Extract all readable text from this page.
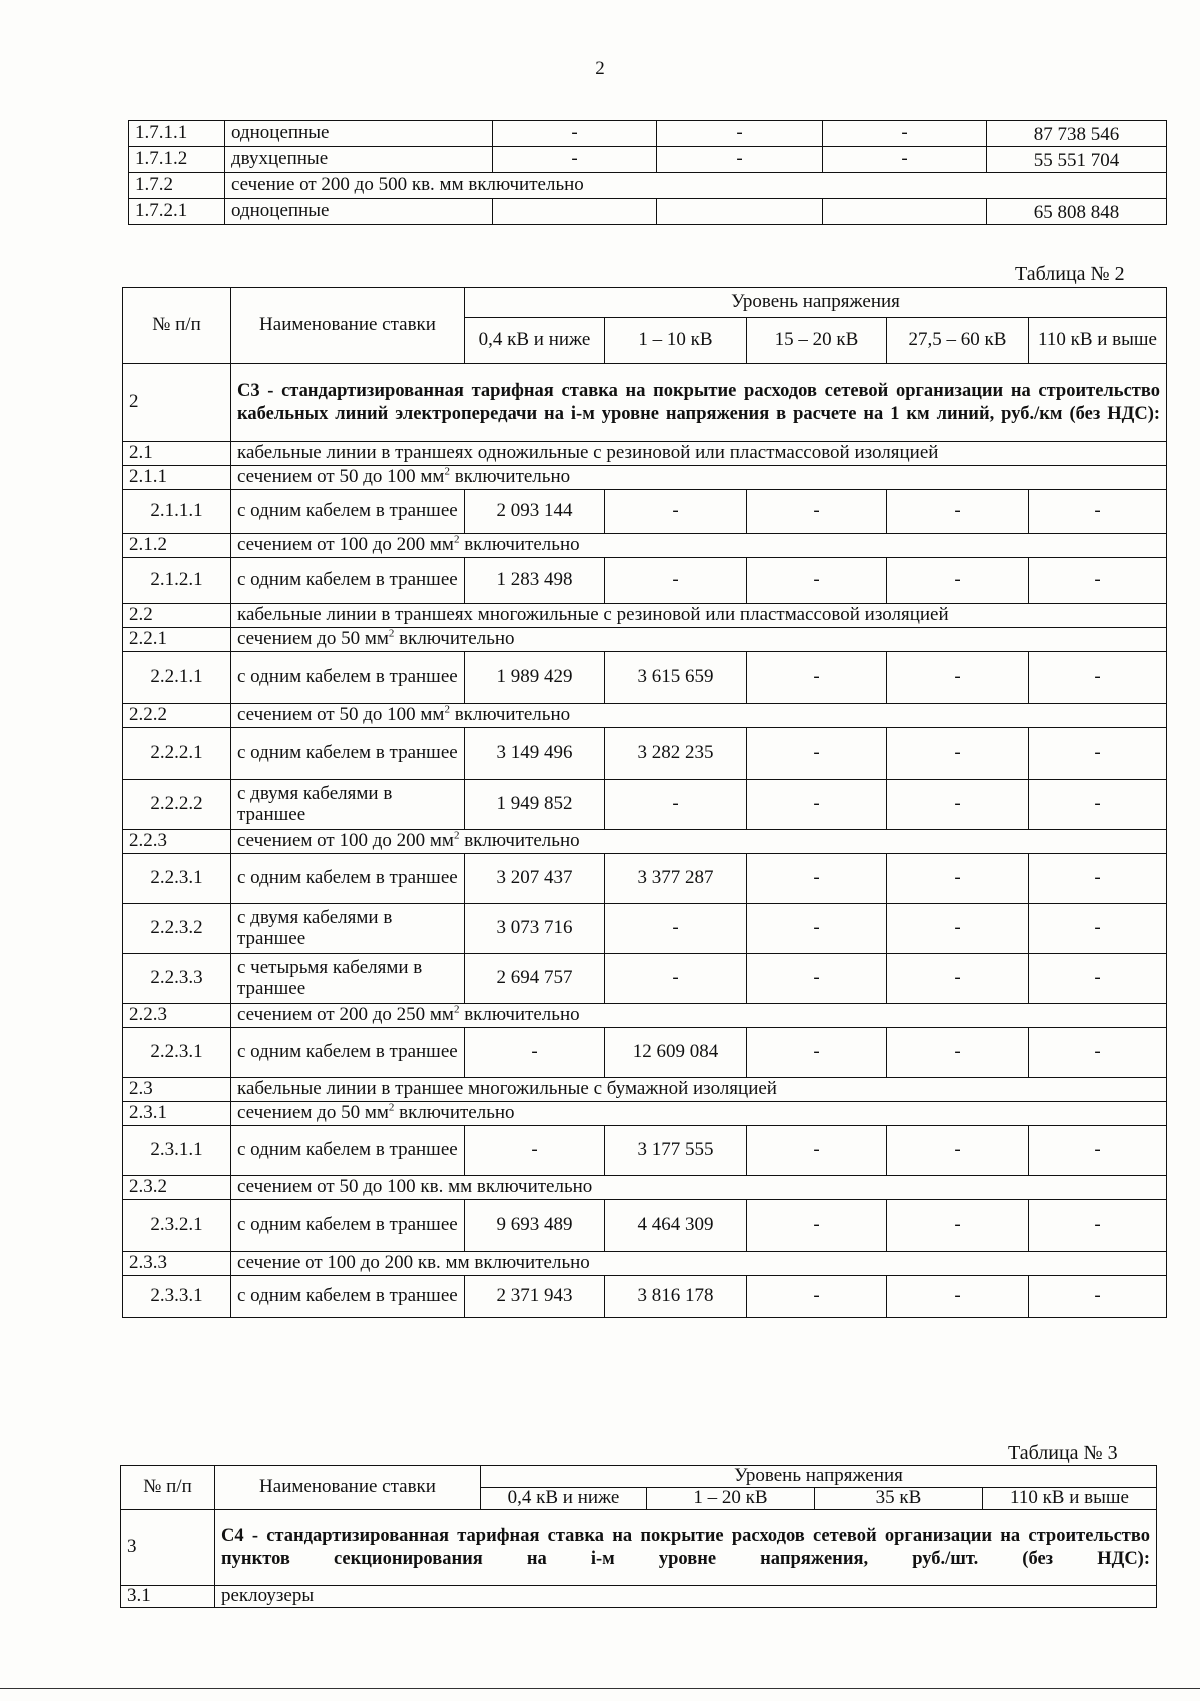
2
1.7.1.1	одноцепные	-	-	-	87 738 546
1.7.1.2	двухцепные	-	-	-	55 551 704
1.7.2	сечение от 200 до 500 кв. мм включительно				
1.7.2.1	одноцепные				65 808 848
Таблица № 2
№ п/п	Наименование ставки	Уровень напряжения				
		0,4 кВ и ниже	1 – 10 кВ	15 – 20 кВ	27,5 – 60 кВ	110 кВ и выше
2	С3 - стандартизированная тарифная ставка на покрытие расходов сетевой организации на строительство кабельных линий электропередачи на i-м уровне напряжения в расчете на 1 км линий, руб./км (без НДС):					
2.1	кабельные линии в траншеях одножильные с резиновой или пластмассовой изоляцией					
2.1.1	сечением от 50 до 100 $мм^2$ включительно					
2.1.1.1	с одним кабелем в траншее	2 093 144	-	-	-	-
2.1.2	сечением от 100 до 200 $мм^2$ включительно					
2.1.2.1	с одним кабелем в траншее	1 283 498	-	-	-	-
2.2	кабельные линии в траншеях многожильные с резиновой или пластмассовой изоляцией					
2.2.1	сечением до 50 $мм^2$ включительно					
2.2.1.1	с одним кабелем в траншее	1 989 429	3 615 659	-	-	-
2.2.2	сечением от 50 до 100 $мм^2$ включительно					
2.2.2.1	с одним кабелем в траншее	3 149 496	3 282 235	-	-	-
2.2.2.2	с двумя кабелями в траншее	1 949 852	-	-	-	-
2.2.3	сечением от 100 до 200 $мм^2$ включительно					
2.2.3.1	с одним кабелем в траншее	3 207 437	3 377 287	-	-	-
2.2.3.2	с двумя кабелями в траншее	3 073 716	-	-	-	-
2.2.3.3	с четырьмя кабелями в траншее	2 694 757	-	-	-	-
2.2.3	сечением от 200 до 250 $мм^2$ включительно					
2.2.3.1	с одним кабелем в траншее	-	12 609 084	-	-	-
2.3	кабельные линии в траншее многожильные с бумажной изоляцией					
2.3.1	сечением до 50 $мм^2$ включительно					
2.3.1.1	с одним кабелем в траншее	-	3 177 555	-	-	-
2.3.2	сечением от 50 до 100 кв. мм включительно					
2.3.2.1	с одним кабелем в траншее	9 693 489	4 464 309	-	-	-
2.3.3	сечение от 100 до 200 кв. мм включительно					
2.3.3.1	с одним кабелем в траншее	2 371 943	3 816 178	-	-	-
Таблица № 3
№ п/п	Наименование ставки	Уровень напряжения			
		0,4 кВ и ниже	1 – 20 кВ	35 кВ	110 кВ и выше
3	С4 - стандартизированная тарифная ставка на покрытие расходов сетевой организации на строительство пунктов секционирования на i-м уровне напряжения, руб./шт. (без НДС):				
3.1	реклоузеры				
